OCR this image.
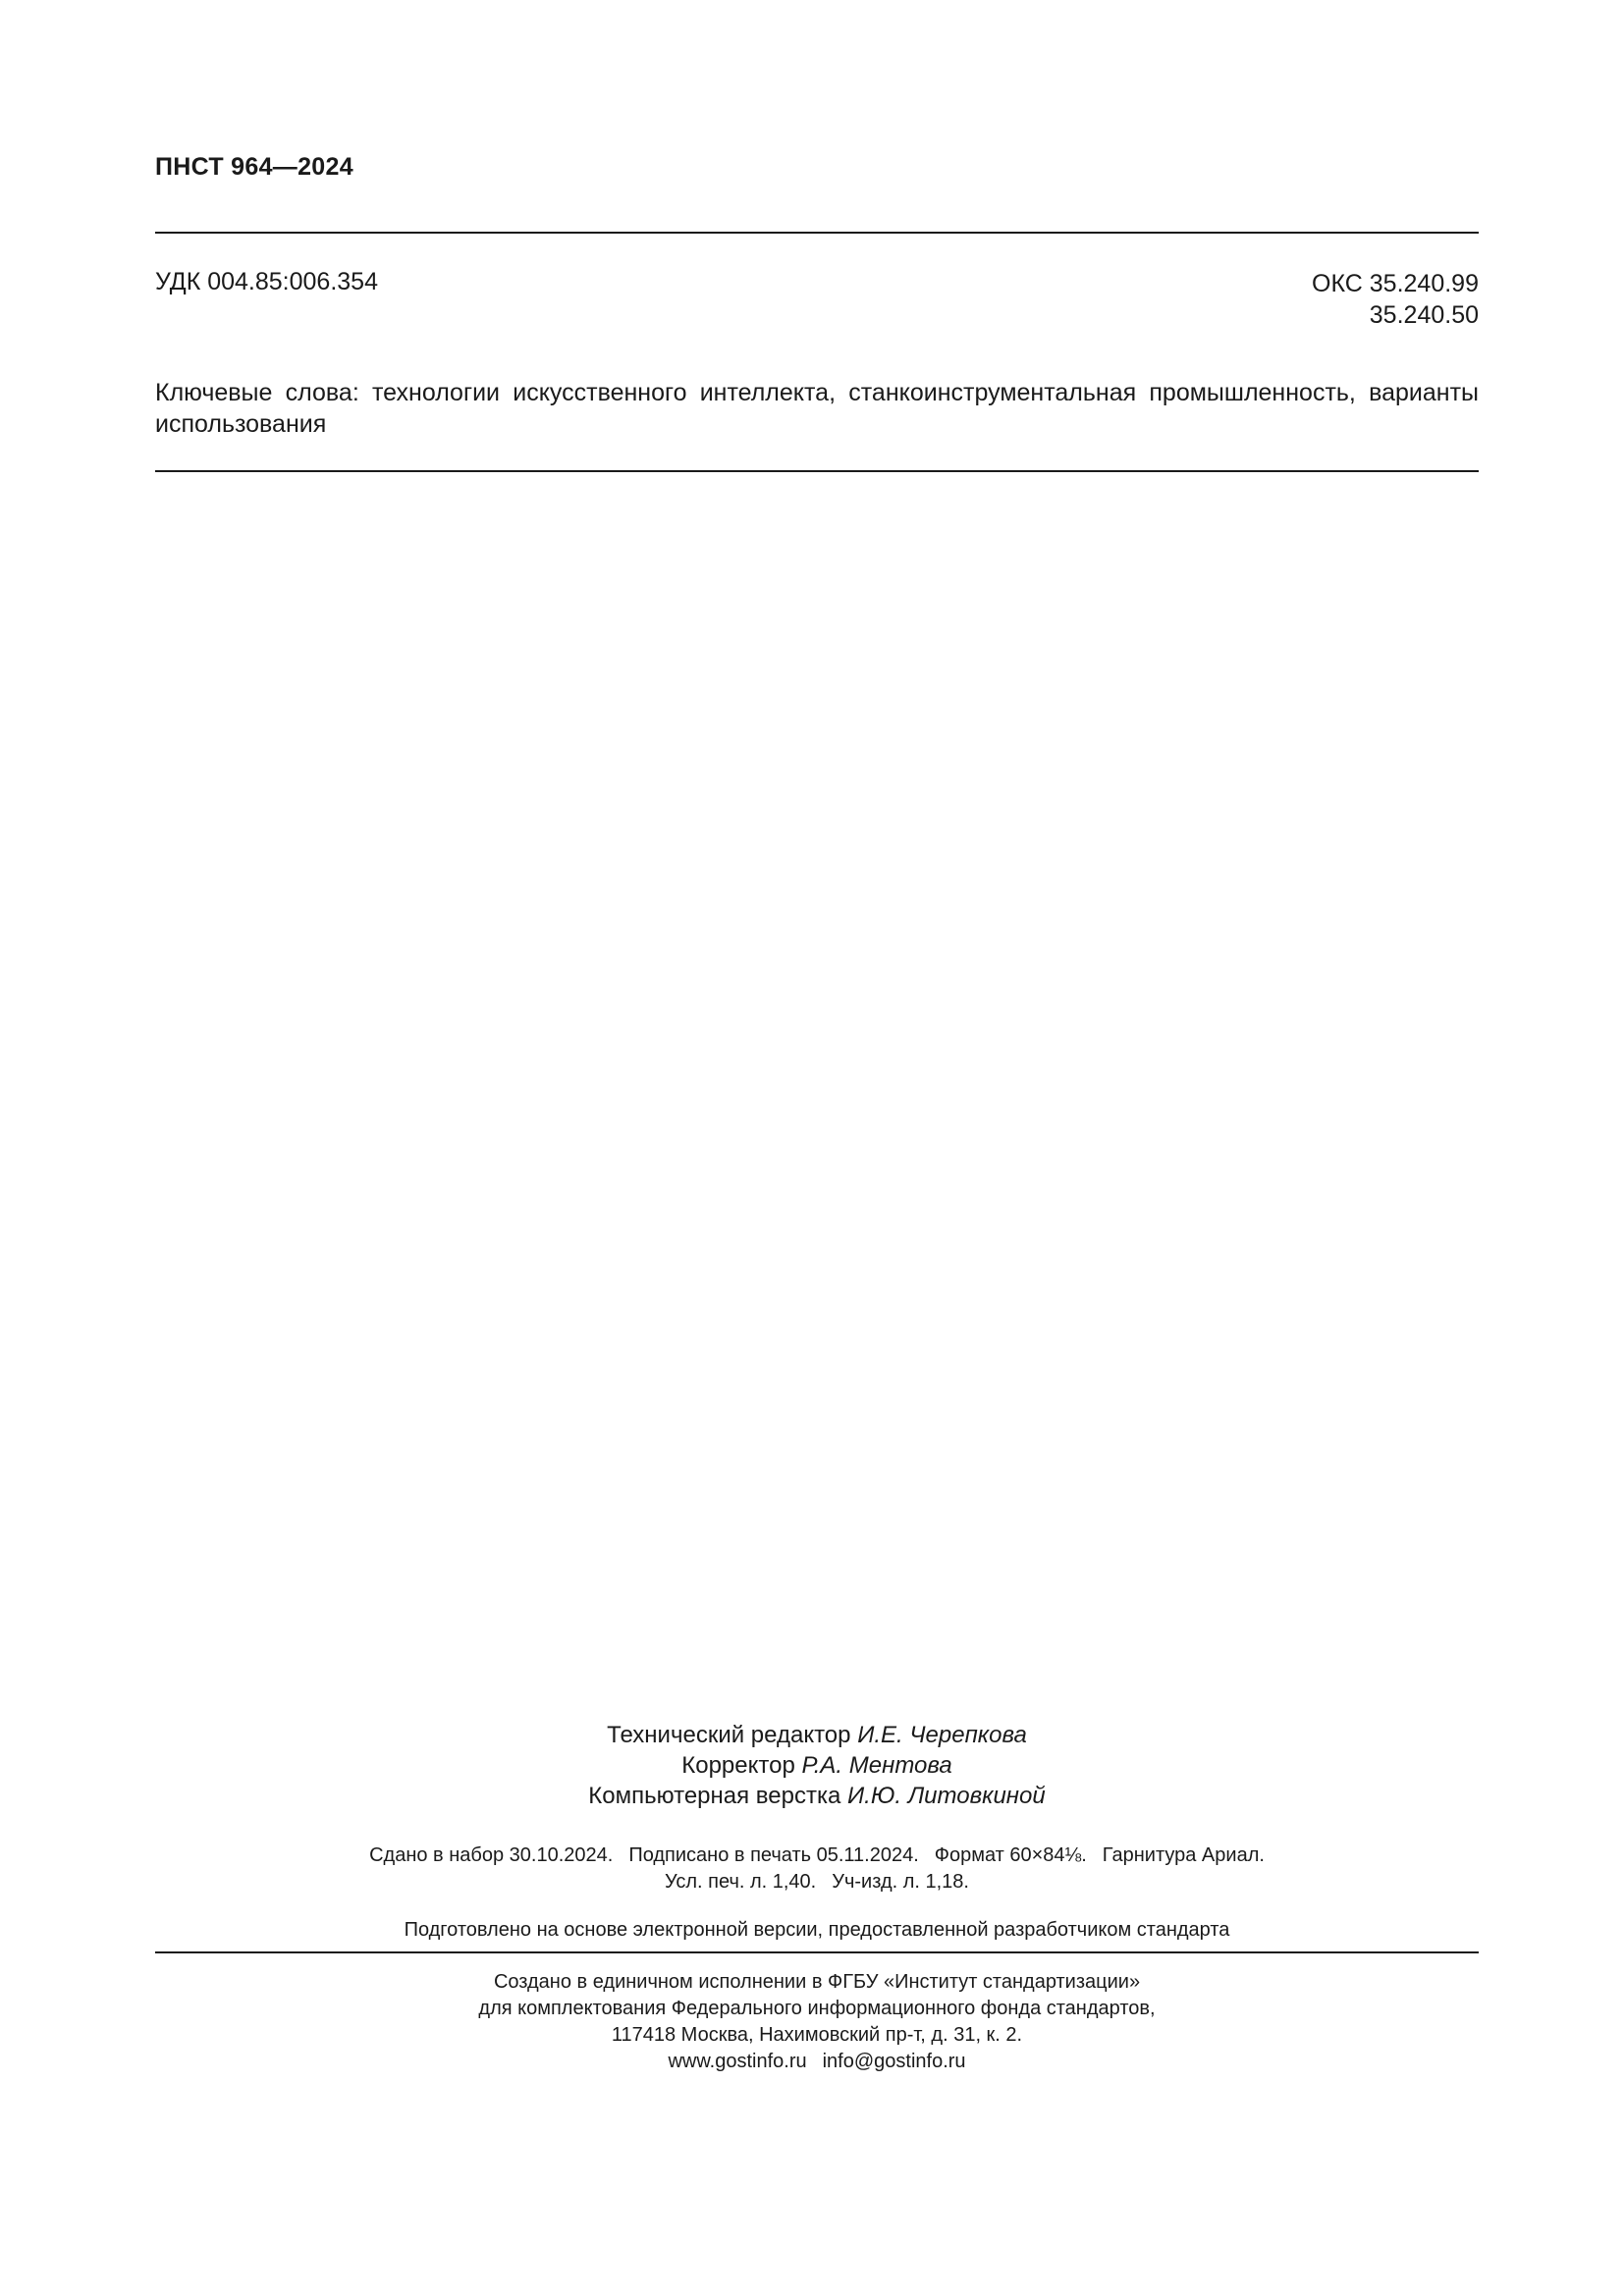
ПНСТ 964—2024
УДК 004.85:006.354	ОКС 35.240.99
35.240.50
Ключевые слова: технологии искусственного интеллекта, станкоинструментальная промышленность, варианты использования
Технический редактор И.Е. Черепкова
Корректор Р.А. Ментова
Компьютерная верстка И.Ю. Литовкиной
Сдано в набор 30.10.2024. Подписано в печать 05.11.2024. Формат 60×84⅛. Гарнитура Ариал.
Усл. печ. л. 1,40. Уч-изд. л. 1,18.
Подготовлено на основе электронной версии, предоставленной разработчиком стандарта
Создано в единичном исполнении в ФГБУ «Институт стандартизации»
для комплектования Федерального информационного фонда стандартов,
117418 Москва, Нахимовский пр-т, д. 31, к. 2.
www.gostinfo.ru info@gostinfo.ru
